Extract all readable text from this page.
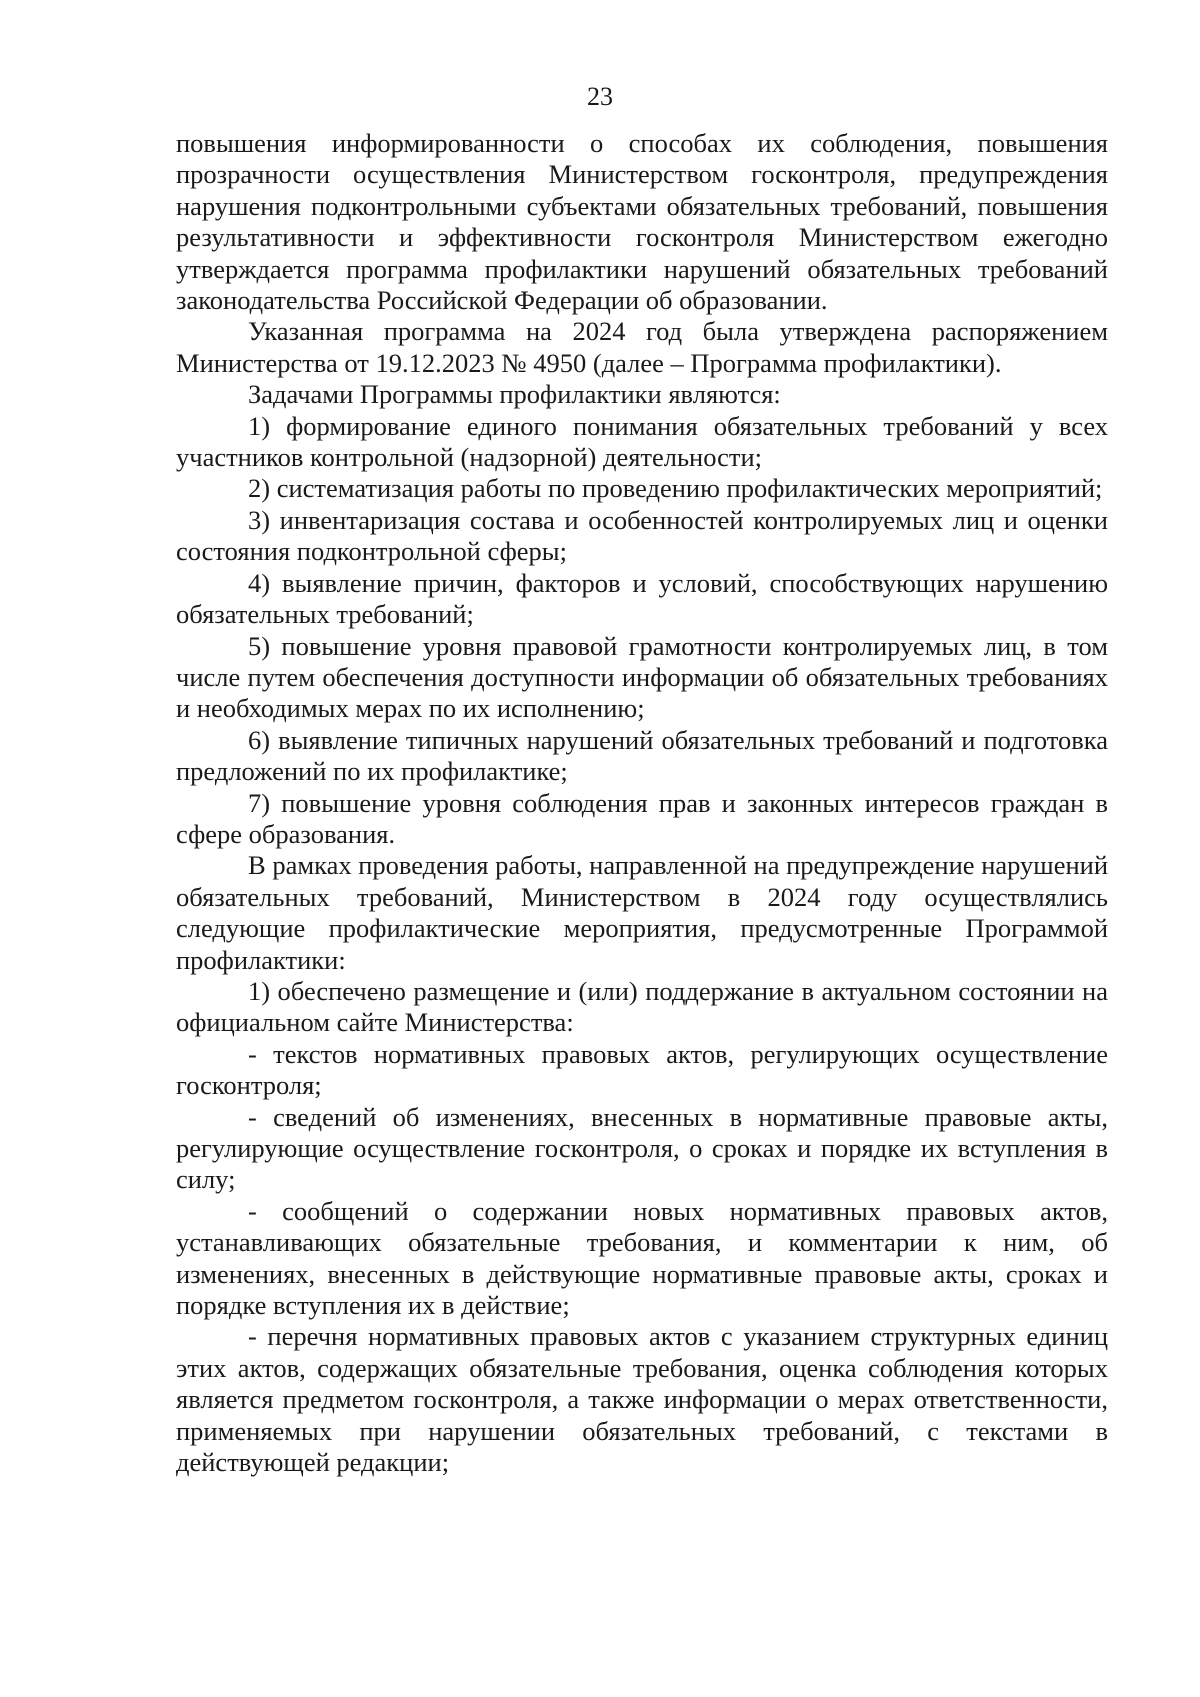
23

повышения информированности о способах их соблюдения, повышения прозрачности осуществления Министерством госконтроля, предупреждения нарушения подконтрольными субъектами обязательных требований, повышения результативности и эффективности госконтроля Министерством ежегодно утверждается программа профилактики нарушений обязательных требований законодательства Российской Федерации об образовании.

Указанная программа на 2024 год была утверждена распоряжением Министерства от 19.12.2023 № 4950 (далее – Программа профилактики).

Задачами Программы профилактики являются:

1) формирование единого понимания обязательных требований у всех участников контрольной (надзорной) деятельности;

2) систематизация работы по проведению профилактических мероприятий;

3) инвентаризация состава и особенностей контролируемых лиц и оценки состояния подконтрольной сферы;

4) выявление причин, факторов и условий, способствующих нарушению обязательных требований;

5) повышение уровня правовой грамотности контролируемых лиц, в том числе путем обеспечения доступности информации об обязательных требованиях и необходимых мерах по их исполнению;

6) выявление типичных нарушений обязательных требований и подготовка предложений по их профилактике;

7) повышение уровня соблюдения прав и законных интересов граждан в сфере образования.

В рамках проведения работы, направленной на предупреждение нарушений обязательных требований, Министерством в 2024 году осуществлялись следующие профилактические мероприятия, предусмотренные Программой профилактики:

1) обеспечено размещение и (или) поддержание в актуальном состоянии на официальном сайте Министерства:

- текстов нормативных правовых актов, регулирующих осуществление госконтроля;

- сведений об изменениях, внесенных в нормативные правовые акты, регулирующие осуществление госконтроля, о сроках и порядке их вступления в силу;

- сообщений о содержании новых нормативных правовых актов, устанавливающих обязательные требования, и комментарии к ним, об изменениях, внесенных в действующие нормативные правовые акты, сроках и порядке вступления их в действие;

- перечня нормативных правовых актов с указанием структурных единиц этих актов, содержащих обязательные требования, оценка соблюдения которых является предметом госконтроля, а также информации о мерах ответственности, применяемых при нарушении обязательных требований, с текстами в действующей редакции;
